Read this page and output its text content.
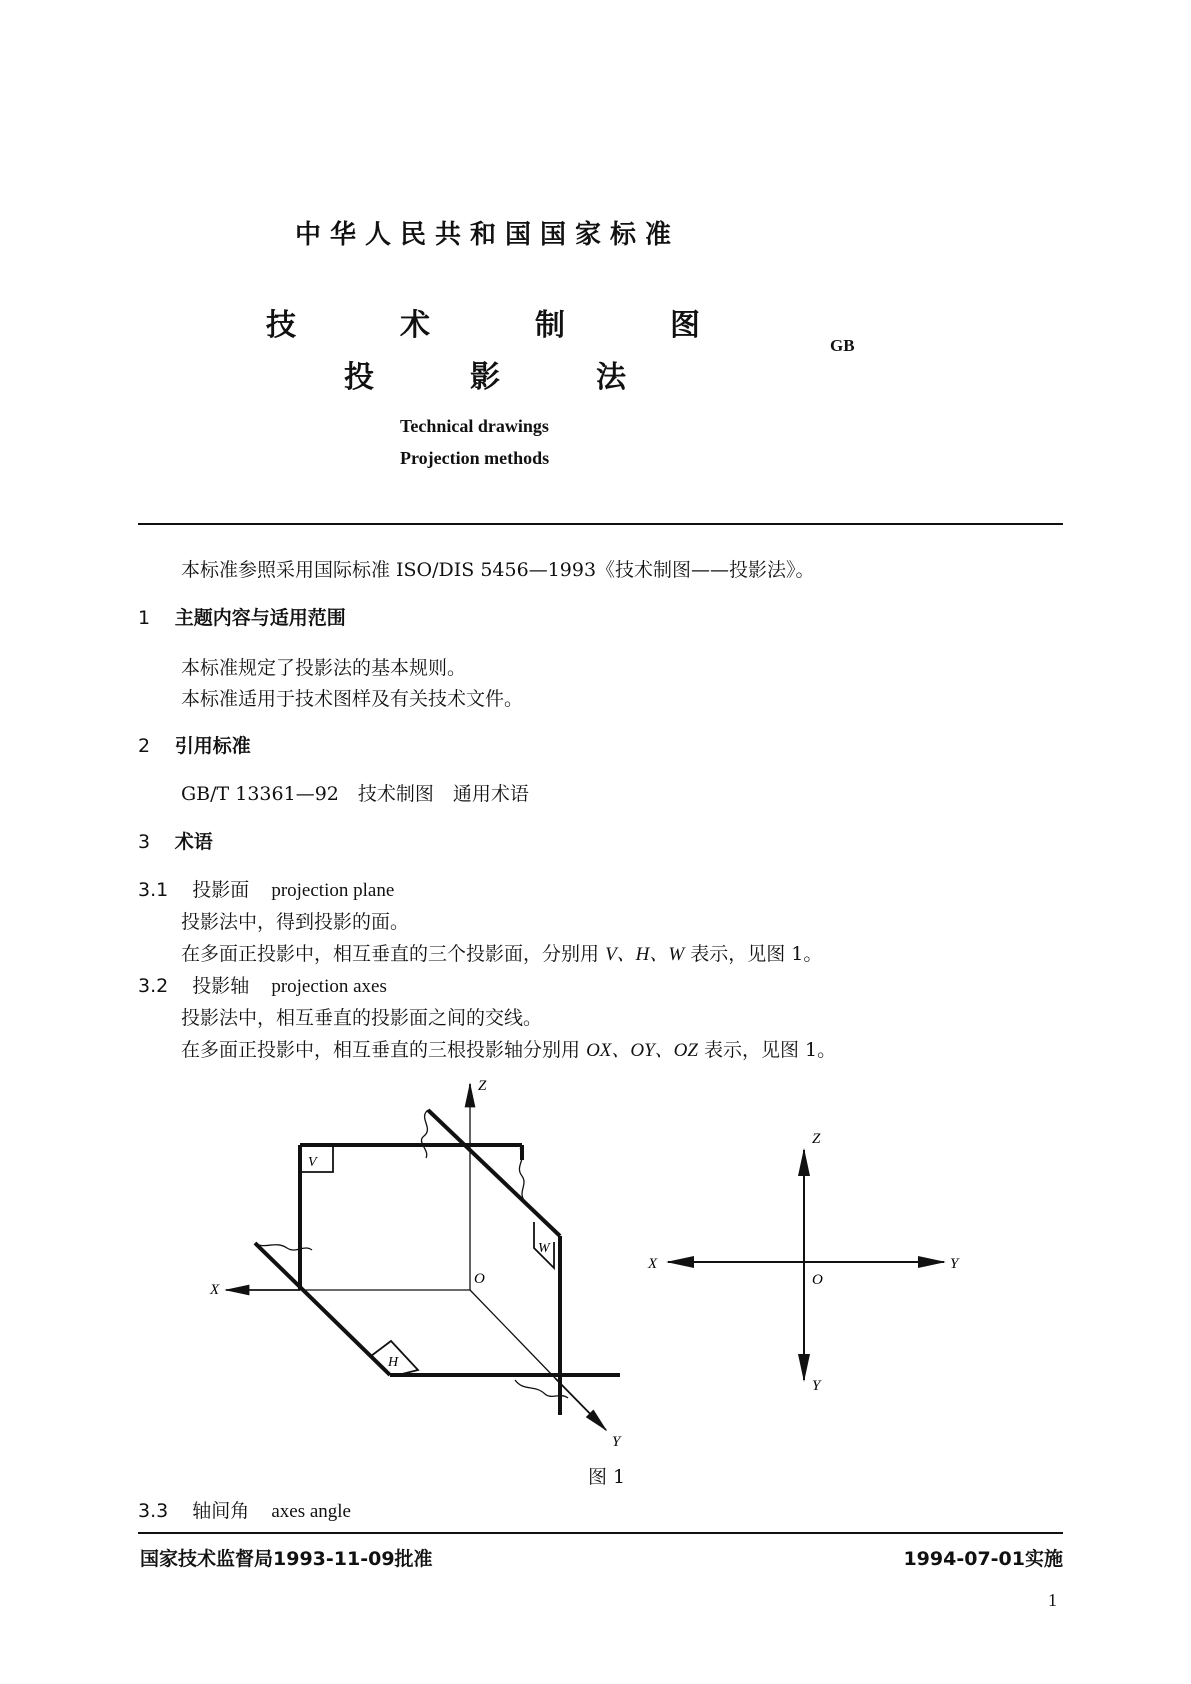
中华人民共和国国家标准
技	术	制	图
投	影	法
GB
Technical drawings
Projection methods
本标准参照采用国际标准 ISO/DIS 5456—1993《技术制图——投影法》。
1 主题内容与适用范围
本标准规定了投影法的基本规则。
本标准适用于技术图样及有关技术文件。
2 引用标准
GB/T 13361—92　技术制图　通用术语
3 术语
3.1 投影面 projection plane
投影法中，得到投影的面。
在多面正投影中，相互垂直的三个投影面，分别用 V、H、W 表示，见图 1。
3.2 投影轴 projection axes
投影法中，相互垂直的投影面之间的交线。
在多面正投影中，相互垂直的三根投影轴分别用 OX、OY、OZ 表示，见图 1。
V
W
H
X
Y
Z
O
X	Y
Z
O
Y
图 1
3.3 轴间角 axes angle
国家技术监督局1993-11-09批准	1994-07-01实施
1
